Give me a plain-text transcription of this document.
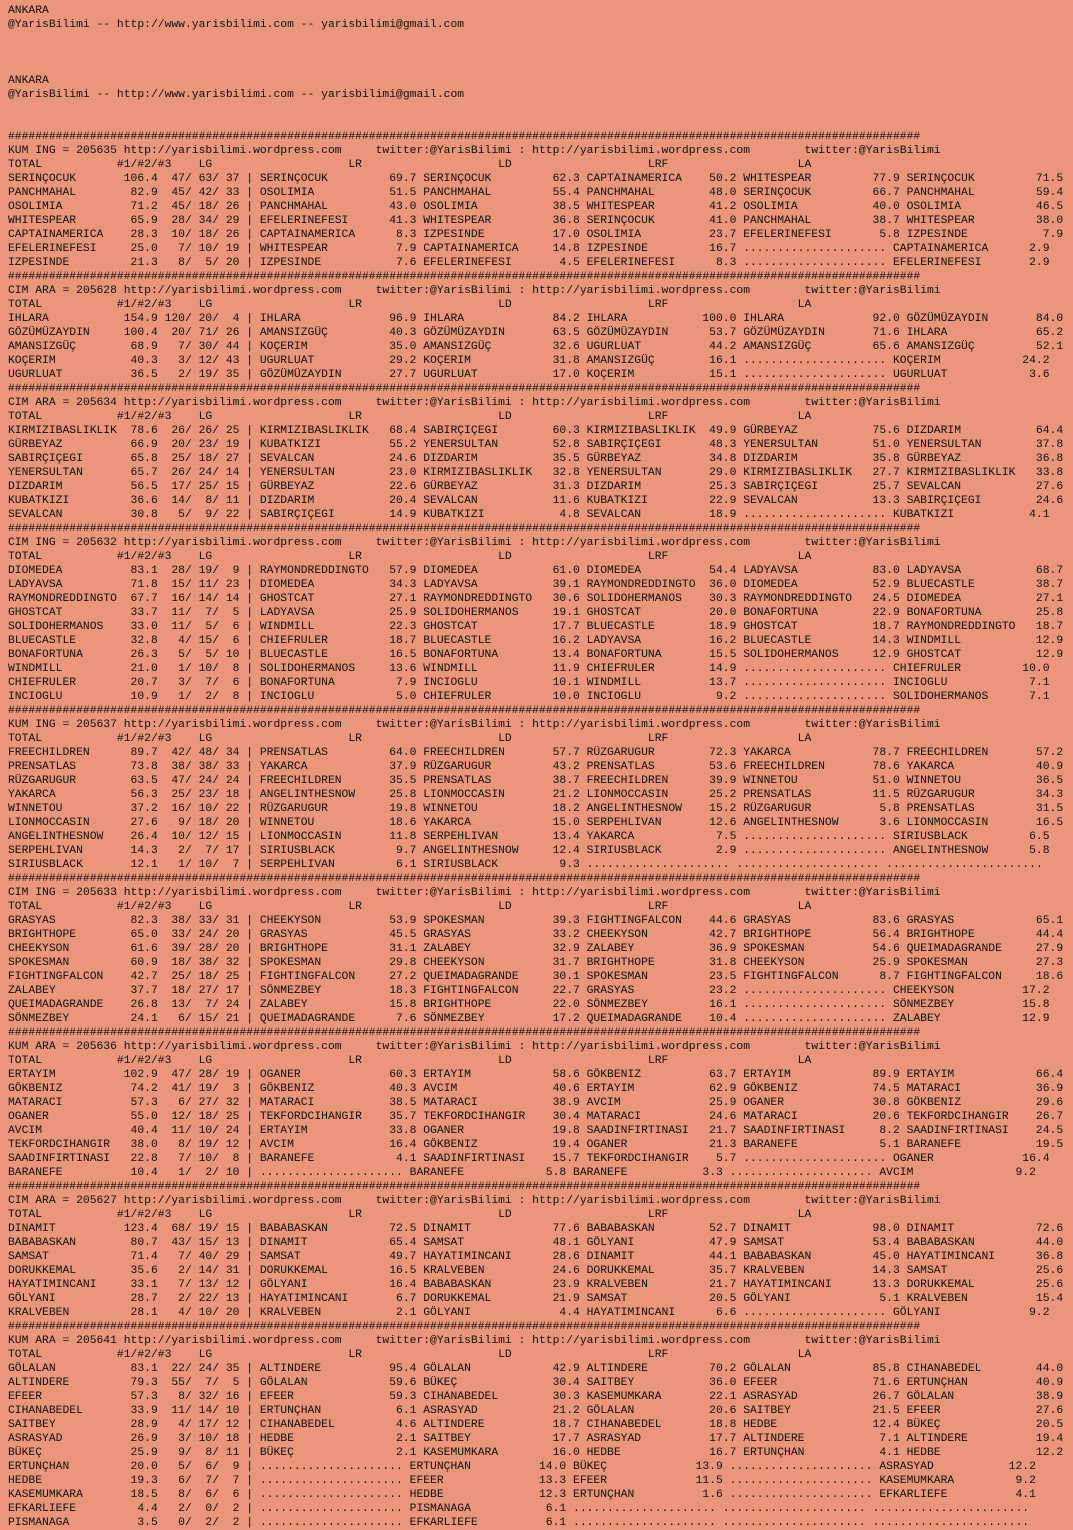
ANKARA
@YarisBilimi -- http://www.yarisbilimi.com -- yarisbilimi@gmail.com
ANKARA
@YarisBilimi -- http://www.yarisbilimi.com -- yarisbilimi@gmail.com
######################################################################################################################################
KUM ING = 205635 http://yarisbilimi.wordpress.com     twitter:@YarisBilimi : http://yarisbilimi.wordpress.com        twitter:@YarisBilimi
TOTAL           #1/#2/#3    LG                    LR                    LD                    LRF                   LA
SERINÇOCUK       106.4  47/ 63/ 37 | SERINÇOCUK         69.7 SERINÇOCUK         62.3 CAPTAINAMERICA    50.2 WHITESPEAR         77.9 SERINÇOCUK         71.5
PANCHMAHAL        82.9  45/ 42/ 33 | OSOLIMIA           51.5 PANCHMAHAL         55.4 PANCHMAHAL        48.0 SERINÇOCUK         66.7 PANCHMAHAL         59.4
OSOLIMIA          71.2  45/ 18/ 26 | PANCHMAHAL         43.0 OSOLIMIA           38.5 WHITESPEAR        41.2 OSOLIMIA           40.0 OSOLIMIA           46.5
WHITESPEAR        65.9  28/ 34/ 29 | EFELERINEFESI      41.3 WHITESPEAR         36.8 SERINÇOCUK        41.0 PANCHMAHAL         38.7 WHITESPEAR         38.0
CAPTAINAMERICA    28.3  10/ 18/ 26 | CAPTAINAMERICA      8.3 IZPESINDE          17.0 OSOLIMIA          23.7 EFELERINEFESI       5.8 IZPESINDE           7.9
EFELERINEFESI     25.0   7/ 10/ 19 | WHITESPEAR          7.9 CAPTAINAMERICA     14.8 IZPESINDE         16.7 ..................... CAPTAINAMERICA      2.9
IZPESINDE         21.3   8/  5/ 20 | IZPESINDE           7.6 EFELERINEFESI       4.5 EFELERINEFESI      8.3 ..................... EFELERINEFESI       2.9
######################################################################################################################################
CIM ARA = 205628 http://yarisbilimi.wordpress.com     twitter:@YarisBilimi : http://yarisbilimi.wordpress.com        twitter:@YarisBilimi
TOTAL           #1/#2/#3    LG                    LR                    LD                    LRF                   LA
IHLARA           154.9 120/ 20/  4 | IHLARA             96.9 IHLARA             84.2 IHLARA           100.0 IHLARA             92.0 GÖZÜMÜZAYDIN       84.0
GÖZÜMÜZAYDIN     100.4  20/ 71/ 26 | AMANSIZGÜÇ         40.3 GÖZÜMÜZAYDIN       63.5 GÖZÜMÜZAYDIN      53.7 GÖZÜMÜZAYDIN       71.6 IHLARA             65.2
AMANSIZGÜÇ        68.9   7/ 30/ 44 | KOÇERIM            35.0 AMANSIZGÜÇ         32.6 UGURLUAT          44.2 AMANSIZGÜÇ         65.6 AMANSIZGÜÇ         52.1
KOÇERIM           40.3   3/ 12/ 43 | UGURLUAT           29.2 KOÇERIM            31.8 AMANSIZGÜÇ        16.1 ..................... KOÇERIM            24.2
UGURLUAT          36.5   2/ 19/ 35 | GÖZÜMÜZAYDIN       27.7 UGURLUAT           17.0 KOÇERIM           15.1 ..................... UGURLUAT            3.6
######################################################################################################################################
CIM ARA = 205634 http://yarisbilimi.wordpress.com     twitter:@YarisBilimi : http://yarisbilimi.wordpress.com        twitter:@YarisBilimi
TOTAL           #1/#2/#3    LG                    LR                    LD                    LRF                   LA
KIRMIZIBASLIKLIK  78.6  26/ 26/ 25 | KIRMIZIBASLIKLIK   68.4 SABIRÇIÇEGI        60.3 KIRMIZIBASLIKLIK  49.9 GÜRBEYAZ           75.6 DIZDARIM           64.4
GÜRBEYAZ          66.9  20/ 23/ 19 | KUBATKIZI          55.2 YENERSULTAN        52.8 SABIRÇIÇEGI       48.3 YENERSULTAN        51.0 YENERSULTAN        37.8
SABIRÇIÇEGI       65.8  25/ 18/ 27 | SEVALCAN           24.6 DIZDARIM           35.5 GÜRBEYAZ          34.8 DIZDARIM           35.8 GÜRBEYAZ           36.8
YENERSULTAN       65.7  26/ 24/ 14 | YENERSULTAN        23.0 KIRMIZIBASLIKLIK   32.8 YENERSULTAN       29.0 KIRMIZIBASLIKLIK   27.7 KIRMIZIBASLIKLIK   33.8
DIZDARIM          56.5  17/ 25/ 15 | GÜRBEYAZ           22.6 GÜRBEYAZ           31.3 DIZDARIM          25.3 SABIRÇIÇEGI        25.7 SEVALCAN           27.6
KUBATKIZI         36.6  14/  8/ 11 | DIZDARIM           20.4 SEVALCAN           11.6 KUBATKIZI         22.9 SEVALCAN           13.3 SABIRÇIÇEGI        24.6
SEVALCAN          30.8   5/  9/ 22 | SABIRÇIÇEGI        14.9 KUBATKIZI           4.8 SEVALCAN          18.9 ..................... KUBATKIZI           4.1
######################################################################################################################################
CIM ING = 205632 http://yarisbilimi.wordpress.com     twitter:@YarisBilimi : http://yarisbilimi.wordpress.com        twitter:@YarisBilimi
TOTAL           #1/#2/#3    LG                    LR                    LD                    LRF                   LA
DIOMEDEA          83.1  28/ 19/  9 | RAYMONDREDDINGTO   57.9 DIOMEDEA           61.0 DIOMEDEA          54.4 LADYAVSA           83.0 LADYAVSA           68.7
LADYAVSA          71.8  15/ 11/ 23 | DIOMEDEA           34.3 LADYAVSA           39.1 RAYMONDREDDINGTO  36.0 DIOMEDEA           52.9 BLUECASTLE         38.7
RAYMONDREDDINGTO  67.7  16/ 14/ 14 | GHOSTCAT           27.1 RAYMONDREDDINGTO   30.6 SOLIDOHERMANOS    30.3 RAYMONDREDDINGTO   24.5 DIOMEDEA           27.1
GHOSTCAT          33.7  11/  7/  5 | LADYAVSA           25.9 SOLIDOHERMANOS     19.1 GHOSTCAT          20.0 BONAFORTUNA        22.9 BONAFORTUNA        25.8
SOLIDOHERMANOS    33.0  11/  5/  6 | WINDMILL           22.3 GHOSTCAT           17.7 BLUECASTLE        18.9 GHOSTCAT           18.7 RAYMONDREDDINGTO   18.7
BLUECASTLE        32.8   4/ 15/  6 | CHIEFRULER         18.7 BLUECASTLE         16.2 LADYAVSA          16.2 BLUECASTLE         14.3 WINDMILL           12.9
BONAFORTUNA       26.3   5/  5/ 10 | BLUECASTLE         16.5 BONAFORTUNA        13.4 BONAFORTUNA       15.5 SOLIDOHERMANOS     12.9 GHOSTCAT           12.9
WINDMILL          21.0   1/ 10/  8 | SOLIDOHERMANOS     13.6 WINDMILL           11.9 CHIEFRULER        14.9 ..................... CHIEFRULER         10.0
CHIEFRULER        20.7   3/  7/  6 | BONAFORTUNA         7.9 INCIOGLU           10.1 WINDMILL          13.7 ..................... INCIOGLU            7.1
INCIOGLU          10.9   1/  2/  8 | INCIOGLU            5.0 CHIEFRULER         10.0 INCIOGLU           9.2 ..................... SOLIDOHERMANOS      7.1
######################################################################################################################################
KUM ING = 205637 http://yarisbilimi.wordpress.com     twitter:@YarisBilimi : http://yarisbilimi.wordpress.com        twitter:@YarisBilimi
TOTAL           #1/#2/#3    LG                    LR                    LD                    LRF                   LA
FREECHILDREN      89.7  42/ 48/ 34 | PRENSATLAS         64.0 FREECHILDREN       57.7 RÜZGARUGUR        72.3 YAKARCA            78.7 FREECHILDREN       57.2
PRENSATLAS        73.8  38/ 38/ 33 | YAKARCA            37.9 RÜZGARUGUR         43.2 PRENSATLAS        53.6 FREECHILDREN       78.6 YAKARCA            40.9
RÜZGARUGUR        63.5  47/ 24/ 24 | FREECHILDREN       35.5 PRENSATLAS         38.7 FREECHILDREN      39.9 WINNETOU           51.0 WINNETOU           36.5
YAKARCA           56.3  25/ 23/ 18 | ANGELINTHESNOW     25.8 LIONMOCCASIN       21.2 LIONMOCCASIN      25.2 PRENSATLAS         11.5 RÜZGARUGUR         34.3
WINNETOU          37.2  16/ 10/ 22 | RÜZGARUGUR         19.8 WINNETOU           18.2 ANGELINTHESNOW    15.2 RÜZGARUGUR          5.8 PRENSATLAS         31.5
LIONMOCCASIN      27.6   9/ 18/ 20 | WINNETOU           18.6 YAKARCA            15.0 SERPEHLIVAN       12.6 ANGELINTHESNOW      3.6 LIONMOCCASIN       16.5
ANGELINTHESNOW    26.4  10/ 12/ 15 | LIONMOCCASIN       11.8 SERPEHLIVAN        13.4 YAKARCA            7.5 ..................... SIRIUSBLACK         6.5
SERPEHLIVAN       14.3   2/  7/ 17 | SIRIUSBLACK         9.7 ANGELINTHESNOW     12.4 SIRIUSBLACK        2.9 ..................... ANGELINTHESNOW      5.8
SIRIUSBLACK       12.1   1/ 10/  7 | SERPEHLIVAN         6.1 SIRIUSBLACK         9.3 ..................... ..................... .......................
######################################################################################################################################
CIM ING = 205633 http://yarisbilimi.wordpress.com     twitter:@YarisBilimi : http://yarisbilimi.wordpress.com        twitter:@YarisBilimi
TOTAL           #1/#2/#3    LG                    LR                    LD                    LRF                   LA
GRASYAS           82.3  38/ 33/ 31 | CHEEKYSON          53.9 SPOKESMAN          39.3 FIGHTINGFALCON    44.6 GRASYAS            83.6 GRASYAS            65.1
BRIGHTHOPE        65.0  33/ 24/ 20 | GRASYAS            45.5 GRASYAS            33.2 CHEEKYSON         42.7 BRIGHTHOPE         56.4 BRIGHTHOPE         44.4
CHEEKYSON         61.6  39/ 28/ 20 | BRIGHTHOPE         31.1 ZALABEY            32.9 ZALABEY           36.9 SPOKESMAN          54.6 QUEIMADAGRANDE     27.9
SPOKESMAN         60.9  18/ 38/ 32 | SPOKESMAN          29.8 CHEEKYSON          31.7 BRIGHTHOPE        31.8 CHEEKYSON          25.9 SPOKESMAN          27.3
FIGHTINGFALCON    42.7  25/ 18/ 25 | FIGHTINGFALCON     27.2 QUEIMADAGRANDE     30.1 SPOKESMAN         23.5 FIGHTINGFALCON      8.7 FIGHTINGFALCON     18.6
ZALABEY           37.7  18/ 27/ 17 | SÖNMEZBEY          18.3 FIGHTINGFALCON     22.7 GRASYAS           23.2 ..................... CHEEKYSON          17.2
QUEIMADAGRANDE    26.8  13/  7/ 24 | ZALABEY            15.8 BRIGHTHOPE         22.0 SÖNMEZBEY         16.1 ..................... SÖNMEZBEY          15.8
SÖNMEZBEY         24.1   6/ 15/ 21 | QUEIMADAGRANDE      7.6 SÖNMEZBEY          17.2 QUEIMADAGRANDE    10.4 ..................... ZALABEY            12.9
######################################################################################################################################
KUM ARA = 205636 http://yarisbilimi.wordpress.com     twitter:@YarisBilimi : http://yarisbilimi.wordpress.com        twitter:@YarisBilimi
TOTAL           #1/#2/#3    LG                    LR                    LD                    LRF                   LA
ERTAYIM          102.9  47/ 28/ 19 | OGANER             60.3 ERTAYIM            58.6 GÖKBENIZ          63.7 ERTAYIM            89.9 ERTAYIM            66.4
GÖKBENIZ          74.2  41/ 19/  3 | GÖKBENIZ           40.3 AVCIM              40.6 ERTAYIM           62.9 GÖKBENIZ           74.5 MATARACI           36.9
MATARACI          57.3   6/ 27/ 32 | MATARACI           38.5 MATARACI           38.9 AVCIM             25.9 OGANER             30.8 GÖKBENIZ           29.6
OGANER            55.0  12/ 18/ 25 | TEKFORDCIHANGIR    35.7 TEKFORDCIHANGIR    30.4 MATARACI          24.6 MATARACI           20.6 TEKFORDCIHANGIR    26.7
AVCIM             40.4  11/ 10/ 24 | ERTAYIM            33.8 OGANER             19.8 SAADINFIRTINASI   21.7 SAADINFIRTINASI     8.2 SAADINFIRTINASI    24.5
TEKFORDCIHANGIR   38.0   8/ 19/ 12 | AVCIM              16.4 GÖKBENIZ           19.4 OGANER            21.3 BARANEFE            5.1 BARANEFE           19.5
SAADINFIRTINASI   22.8   7/ 10/  8 | BARANEFE            4.1 SAADINFIRTINASI    15.7 TEKFORDCIHANGIR    5.7 ..................... OGANER             16.4
BARANEFE          10.4   1/  2/ 10 | ..................... BARANEFE            5.8 BARANEFE           3.3 ..................... AVCIM               9.2
######################################################################################################################################
CIM ARA = 205627 http://yarisbilimi.wordpress.com     twitter:@YarisBilimi : http://yarisbilimi.wordpress.com        twitter:@YarisBilimi
TOTAL           #1/#2/#3    LG                    LR                    LD                    LRF                   LA
DINAMIT          123.4  68/ 19/ 15 | BABABASKAN         72.5 DINAMIT            77.6 BABABASKAN        52.7 DINAMIT            98.0 DINAMIT            72.6
BABABASKAN        80.7  43/ 15/ 13 | DINAMIT            65.4 SAMSAT             48.1 GÖLYANI           47.9 SAMSAT             53.4 BABABASKAN         44.0
SAMSAT            71.4   7/ 40/ 29 | SAMSAT             49.7 HAYATIMINCANI      28.6 DINAMIT           44.1 BABABASKAN         45.0 HAYATIMINCANI      36.8
DORUKKEMAL        35.6   2/ 14/ 31 | DORUKKEMAL         16.5 KRALVEBEN          24.6 DORUKKEMAL        35.7 KRALVEBEN          14.3 SAMSAT             25.6
HAYATIMINCANI     33.1   7/ 13/ 12 | GÖLYANI            16.4 BABABASKAN         23.9 KRALVEBEN         21.7 HAYATIMINCANI      13.3 DORUKKEMAL         25.6
GÖLYANI           28.7   2/ 22/ 13 | HAYATIMINCANI       6.7 DORUKKEMAL         21.9 SAMSAT            20.5 GÖLYANI             5.1 KRALVEBEN          15.4
KRALVEBEN         28.1   4/ 10/ 20 | KRALVEBEN           2.1 GÖLYANI             4.4 HAYATIMINCANI      6.6 ..................... GÖLYANI             9.2
######################################################################################################################################
KUM ARA = 205641 http://yarisbilimi.wordpress.com     twitter:@YarisBilimi : http://yarisbilimi.wordpress.com        twitter:@YarisBilimi
TOTAL           #1/#2/#3    LG                    LR                    LD                    LRF                   LA
GÖLALAN           83.1  22/ 24/ 35 | ALTINDERE          95.4 GÖLALAN            42.9 ALTINDERE         70.2 GÖLALAN            85.8 CIHANABEDEL        44.0
ALTINDERE         79.3  55/  7/  5 | GÖLALAN            59.6 BÜKEÇ              30.4 SAITBEY           36.0 EFEER              71.6 ERTUNÇHAN          40.9
EFEER             57.3   8/ 32/ 16 | EFEER              59.3 CIHANABEDEL        30.3 KASEMUMKARA       22.1 ASRASYAD           26.7 GÖLALAN            38.9
CIHANABEDEL       33.9  11/ 14/ 10 | ERTUNÇHAN           6.1 ASRASYAD           21.2 GÖLALAN           20.6 SAITBEY            21.5 EFEER              27.6
SAITBEY           28.9   4/ 17/ 12 | CIHANABEDEL         4.6 ALTINDERE          18.7 CIHANABEDEL       18.8 HEDBE              12.4 BÜKEÇ              20.5
ASRASYAD          26.9   3/ 10/ 18 | HEDBE               2.1 SAITBEY            17.7 ASRASYAD          17.7 ALTINDERE           7.1 ALTINDERE          19.4
BÜKEÇ             25.9   9/  8/ 11 | BÜKEÇ               2.1 KASEMUMKARA        16.0 HEDBE             16.7 ERTUNÇHAN           4.1 HEDBE              12.2
ERTUNÇHAN         20.0   5/  6/  9 | ..................... ERTUNÇHAN          14.0 BÜKEÇ             13.9 ..................... ASRASYAD           12.2
HEDBE             19.3   6/  7/  7 | ..................... EFEER              13.3 EFEER             11.5 ..................... KASEMUMKARA         9.2
KASEMUMKARA       18.5   8/  6/  6 | ..................... HEDBE              12.3 ERTUNÇHAN          1.6 ..................... EFKARLIEFE          4.1
EFKARLIEFE         4.4   2/  0/  2 | ..................... PISMANAGA           6.1 ..................... ..................... .......................
PISMANAGA          3.5   0/  2/  2 | ..................... EFKARLIEFE          6.1 ..................... ..................... .......................
